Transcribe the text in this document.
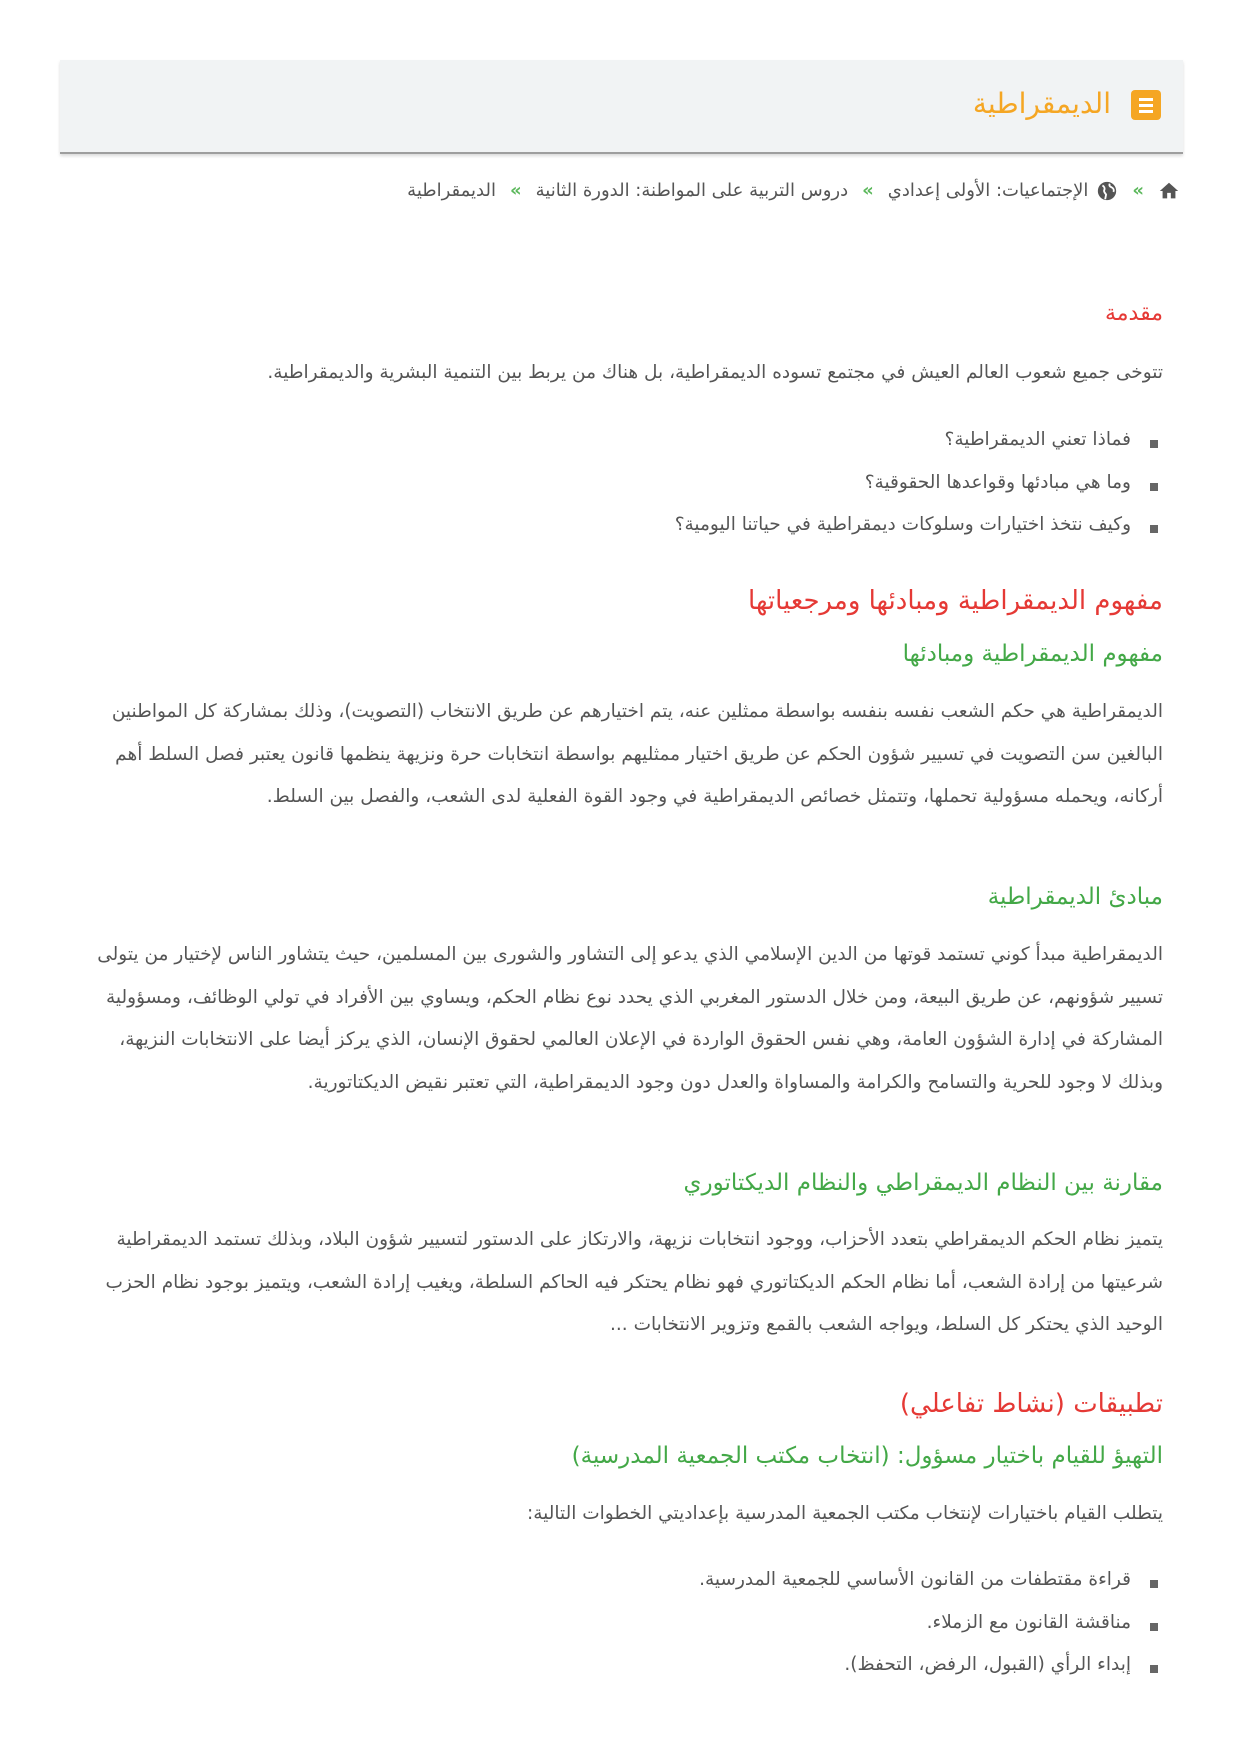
الديمقراطية
»
الإجتماعيات: الأولى إعدادي
»
دروس التربية على المواطنة: الدورة الثانية
»
الديمقراطية
مقدمة

تتوخى جميع شعوب العالم العيش في مجتمع تسوده الديمقراطية، بل هناك من يربط بين التنمية البشرية والديمقراطية.

فماذا تعني الديمقراطية؟
وما هي مبادئها وقواعدها الحقوقية؟
وكيف نتخذ اختيارات وسلوكات ديمقراطية في حياتنا اليومية؟
مفهوم الديمقراطية ومبادئها ومرجعياتها
مفهوم الديمقراطية ومبادئها

الديمقراطية هي حكم الشعب نفسه بنفسه بواسطة ممثلين عنه، يتم اختيارهم عن طريق الانتخاب (التصويت)، وذلك بمشاركة كل المواطنين البالغين سن التصويت في تسيير شؤون الحكم عن طريق اختيار ممثليهم بواسطة انتخابات حرة ونزيهة ينظمها قانون يعتبر فصل السلط أهم أركانه، ويحمله مسؤولية تحملها، وتتمثل خصائص الديمقراطية في وجود القوة الفعلية لدى الشعب، والفصل بين السلط.

مبادئ الديمقراطية

الديمقراطية مبدأ كوني تستمد قوتها من الدين الإسلامي الذي يدعو إلى التشاور والشورى بين المسلمين، حيث يتشاور الناس لإختيار من يتولى تسيير شؤونهم، عن طريق البيعة، ومن خلال الدستور المغربي الذي يحدد نوع نظام الحكم، ويساوي بين الأفراد في تولي الوظائف، ومسؤولية المشاركة في إدارة الشؤون العامة، وهي نفس الحقوق الواردة في الإعلان العالمي لحقوق الإنسان، الذي يركز أيضا على الانتخابات النزيهة، وبذلك لا وجود للحرية والتسامح والكرامة والمساواة والعدل دون وجود الديمقراطية، التي تعتبر نقيض الديكتاتورية.

مقارنة بين النظام الديمقراطي والنظام الديكتاتوري

يتميز نظام الحكم الديمقراطي بتعدد الأحزاب، ووجود انتخابات نزيهة، والارتكاز على الدستور لتسيير شؤون البلاد، وبذلك تستمد الديمقراطية شرعيتها من إرادة الشعب، أما نظام الحكم الديكتاتوري فهو نظام يحتكر فيه الحاكم السلطة، ويغيب إرادة الشعب، ويتميز بوجود نظام الحزب الوحيد الذي يحتكر كل السلط، ويواجه الشعب بالقمع وتزوير الانتخابات ...

تطبيقات (نشاط تفاعلي)
التهيؤ للقيام باختيار مسؤول: (انتخاب مكتب الجمعية المدرسية)

يتطلب القيام باختيارات لإنتخاب مكتب الجمعية المدرسية بإعداديتي الخطوات التالية:

قراءة مقتطفات من القانون الأساسي للجمعية المدرسية.
مناقشة القانون مع الزملاء.
إبداء الرأي (القبول، الرفض، التحفظ).
